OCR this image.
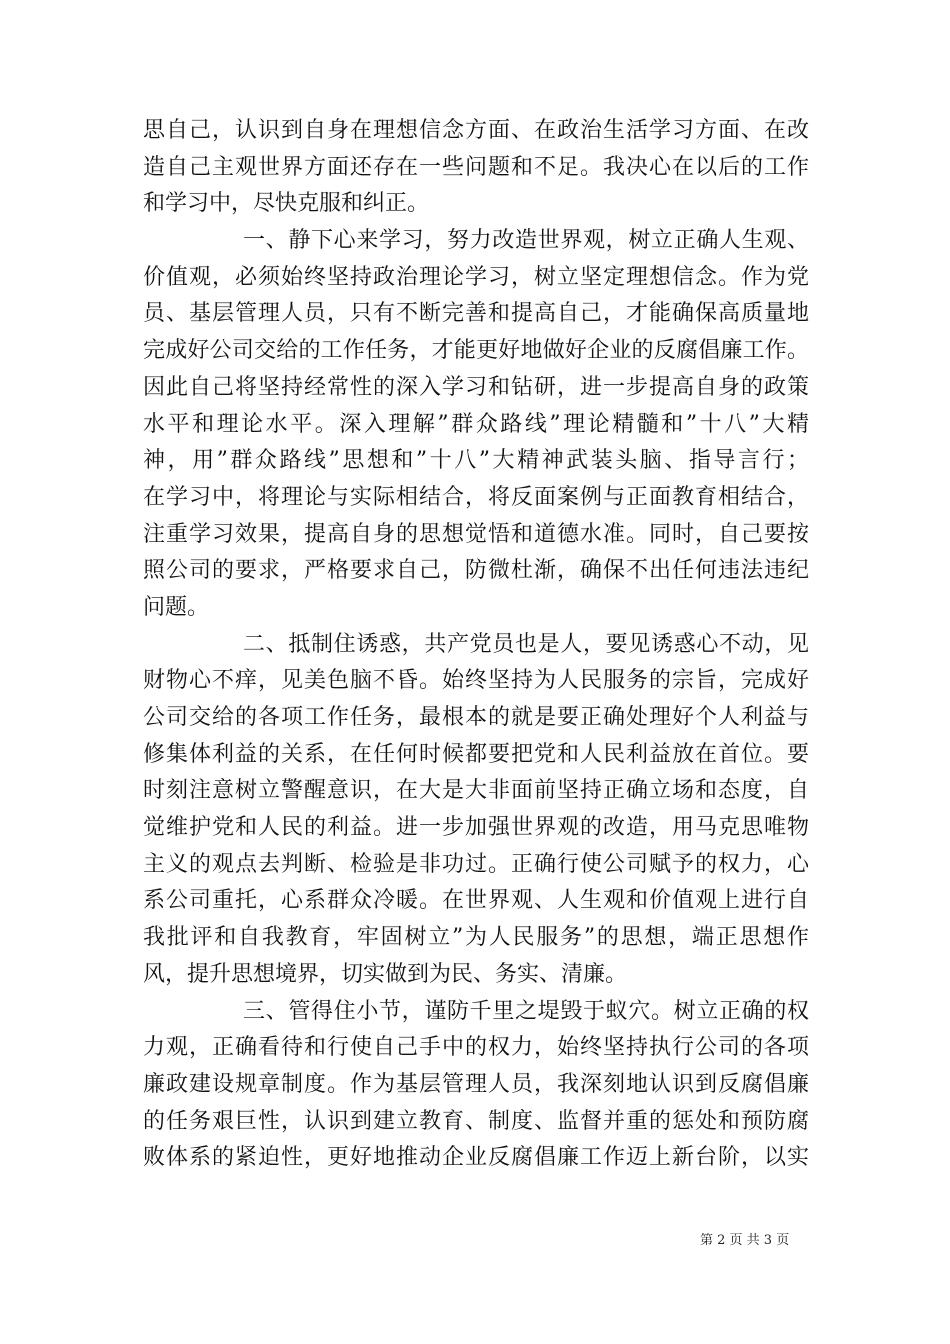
思自己，认识到自身在理想信念方面、在政治生活学习方面、在改
造自己主观世界方面还存在一些问题和不足。我决心在以后的工作
和学习中，尽快克服和纠正。
一、静下心来学习，努力改造世界观，树立正确人生观、
价值观，必须始终坚持政治理论学习，树立坚定理想信念。作为党
员、基层管理人员，只有不断完善和提高自己，才能确保高质量地
完成好公司交给的工作任务，才能更好地做好企业的反腐倡廉工作。
因此自己将坚持经常性的深入学习和钻研，进一步提高自身的政策
水平和理论水平。深入理解”群众路线”理论精髓和”十八”大精
神，用”群众路线”思想和”十八”大精神武装头脑、指导言行；
在学习中，将理论与实际相结合，将反面案例与正面教育相结合，
注重学习效果，提高自身的思想觉悟和道德水准。同时，自己要按
照公司的要求，严格要求自己，防微杜渐，确保不出任何违法违纪
问题。
二、抵制住诱惑，共产党员也是人，要见诱惑心不动，见
财物心不痒，见美色脑不昏。始终坚持为人民服务的宗旨，完成好
公司交给的各项工作任务，最根本的就是要正确处理好个人利益与
修集体利益的关系，在任何时候都要把党和人民利益放在首位。要
时刻注意树立警醒意识，在大是大非面前坚持正确立场和态度，自
觉维护党和人民的利益。进一步加强世界观的改造，用马克思唯物
主义的观点去判断、检验是非功过。正确行使公司赋予的权力，心
系公司重托，心系群众冷暖。在世界观、人生观和价值观上进行自
我批评和自我教育，牢固树立”为人民服务”的思想，端正思想作
风，提升思想境界，切实做到为民、务实、清廉。
三、管得住小节，谨防千里之堤毁于蚁穴。树立正确的权
力观，正确看待和行使自己手中的权力，始终坚持执行公司的各项
廉政建设规章制度。作为基层管理人员，我深刻地认识到反腐倡廉
的任务艰巨性，认识到建立教育、制度、监督并重的惩处和预防腐
败体系的紧迫性，更好地推动企业反腐倡廉工作迈上新台阶，以实
第 2 页 共 3 页
